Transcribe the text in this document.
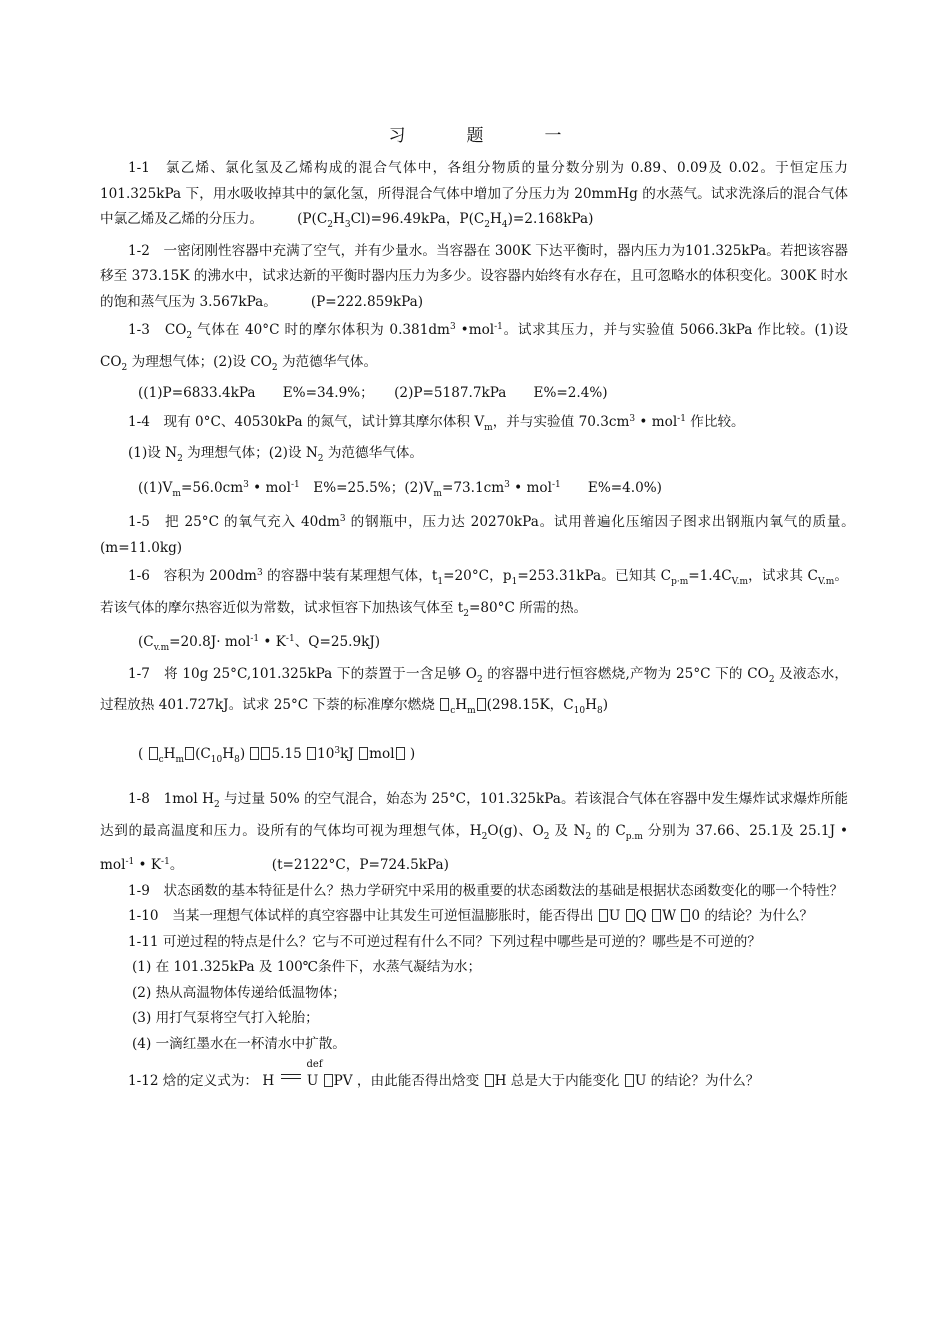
习　题　一

1-1　氯乙烯、氯化氢及乙烯构成的混合气体中，各组分物质的量分数分别为 0.89、0.09及 0.02。于恒定压力 101.325kPa 下，用水吸收掉其中的氯化氢，所得混合气体中增加了分压力为 20mmHg 的水蒸气。试求洗涤后的混合气体中氯乙烯及乙烯的分压力。　　　($P(C_2H_3Cl)=96.49kPa$，$P(C_2H_4)=2.168kPa$)

1-2　一密闭刚性容器中充满了空气，并有少量水。当容器在 300K 下达平衡时，器内压力为101.325kPa。若把该容器移至 373.15K 的沸水中，试求达新的平衡时器内压力为多少。设容器内始终有水存在，且可忽略水的体积变化。300K 时水的饱和蒸气压为 3.567kPa。　　　(P=222.859kPa)

1-3　$CO_2$ 气体在 40°C 时的摩尔体积为 $0.381dm^3$ •mol$^{-1}$。试求其压力，并与实验值 5066.3kPa 作比较。(1)设 $CO_2$ 为理想气体；(2)设 $CO_2$ 为范德华气体。

((1)P=6833.4kPa　　E%=34.9%；　　(2)P=5187.7kPa　　E%=2.4%)

1-4　现有 0°C、40530kPa 的氮气，试计算其摩尔体积 $V_m$，并与实验值 $70.3cm^3$ • mol$^{-1}$ 作比较。

(1)设 $N_2$ 为理想气体；(2)设 $N_2$ 为范德华气体。

($(1)V_m=56.0cm^3$ • mol$^{-1}$　E%=25.5%；$(2)V_m=73.1cm^3$ • mol$^{-1}$　　E%=4.0%)

1-5　把 25°C 的氧气充入 $40dm^3$ 的钢瓶中，压力达 20270kPa。试用普遍化压缩因子图求出钢瓶内氧气的质量。　　(m=11.0kg)

1-6　容积为 $200dm^3$ 的容器中装有某理想气体，$t_1=20^\circ C$，$p_1=253.31kPa$。已知其 $C_{p\cdot m}=1.4C_{V.m}$，试求其 $C_{V.m}$。若该气体的摩尔热容近似为常数，试求恒容下加热该气体至 $t_2=80^\circ C$ 所需的热。

($C_{v.m}=20.8J\cdot mol^{-1}$ • $K^{-1}$、Q=25.9kJ)

1-7　将 10g 25°C,101.325kPa 下的萘置于一含足够 $O_2$ 的容器中进行恒容燃烧,产物为 25°C 下的 $CO_2$ 及液态水，过程放热 401.727kJ。试求 25°C 下萘的标准摩尔燃烧 $_cH_m$ (298.15K，$C_{10}H_8$)

( $_cH_m$ $(C_{10}H_8)$ 5.15 $10^3kJ$ mol )

1-8　1mol $H_2$ 与过量 50% 的空气混合，始态为 25°C，101.325kPa。若该混合气体在容器中发生爆炸试求爆炸所能达到的最高温度和压力。设所有的气体均可视为理想气体，$H_2O(g)$、$O_2$ 及 $N_2$ 的 $C_{p.m}$ 分别为 37.66、25.1及 25.1J • mol$^{-1}$ • $K^{-1}$。　　　　　　　(t=2122°C，P=724.5kPa)

1-9　状态函数的基本特征是什么？热力学研究中采用的极重要的状态函数法的基础是根据状态函数变化的哪一个特性？

1-10　当某一理想气体试样的真空容器中让其发生可逆恒温膨胀时，能否得出 U Q W 0 的结论？为什么？

1-11 可逆过程的特点是什么？它与不可逆过程有什么不同？下列过程中哪些是可逆的？哪些是不可逆的？

(1) 在 101.325kPa 及 100℃条件下，水蒸气凝结为水；

(2) 热从高温物体传递给低温物体；

(3) 用打气泵将空气打入轮胎；

(4) 一滴红墨水在一杯清水中扩散。

1-12 焓的定义式为： H
def
U PV ，由此能否得出焓变 H 总是大于内能变化 U 的结论？为什么？
